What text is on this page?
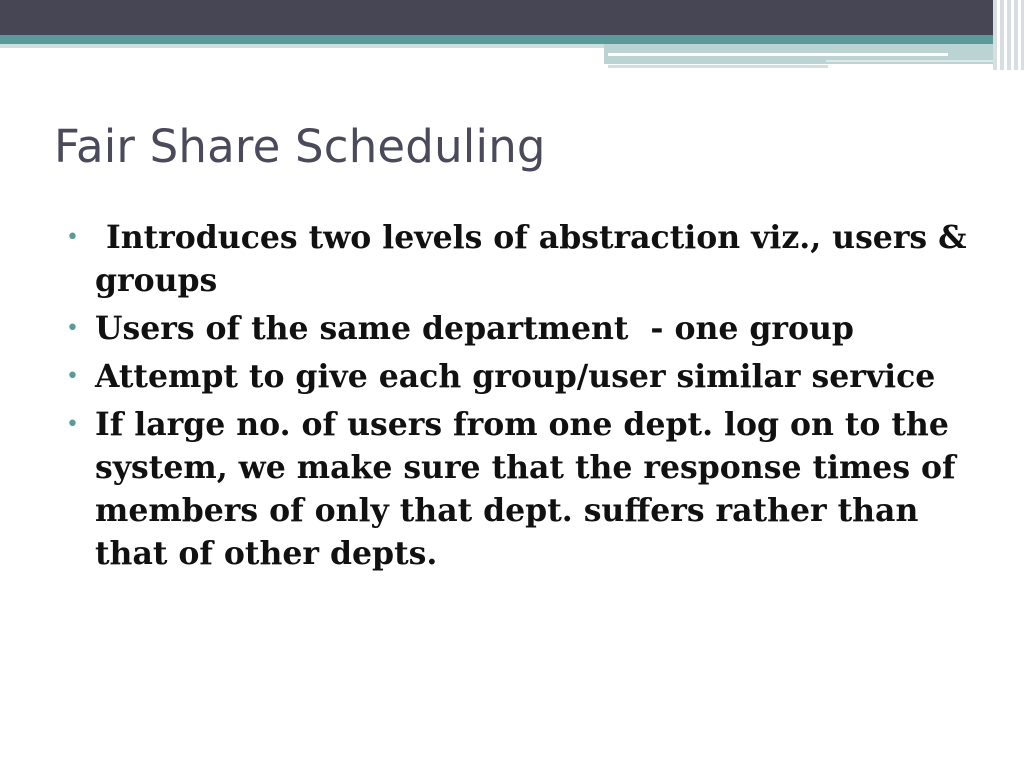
Fair Share Scheduling
• Introduces two levels of abstraction viz., users & groups
• Users of the same department  - one group
• Attempt to give each group/user similar service
• If large no. of users from one dept. log on to the system, we make sure that the response times of members of only that dept. suffers rather than that of other depts.
